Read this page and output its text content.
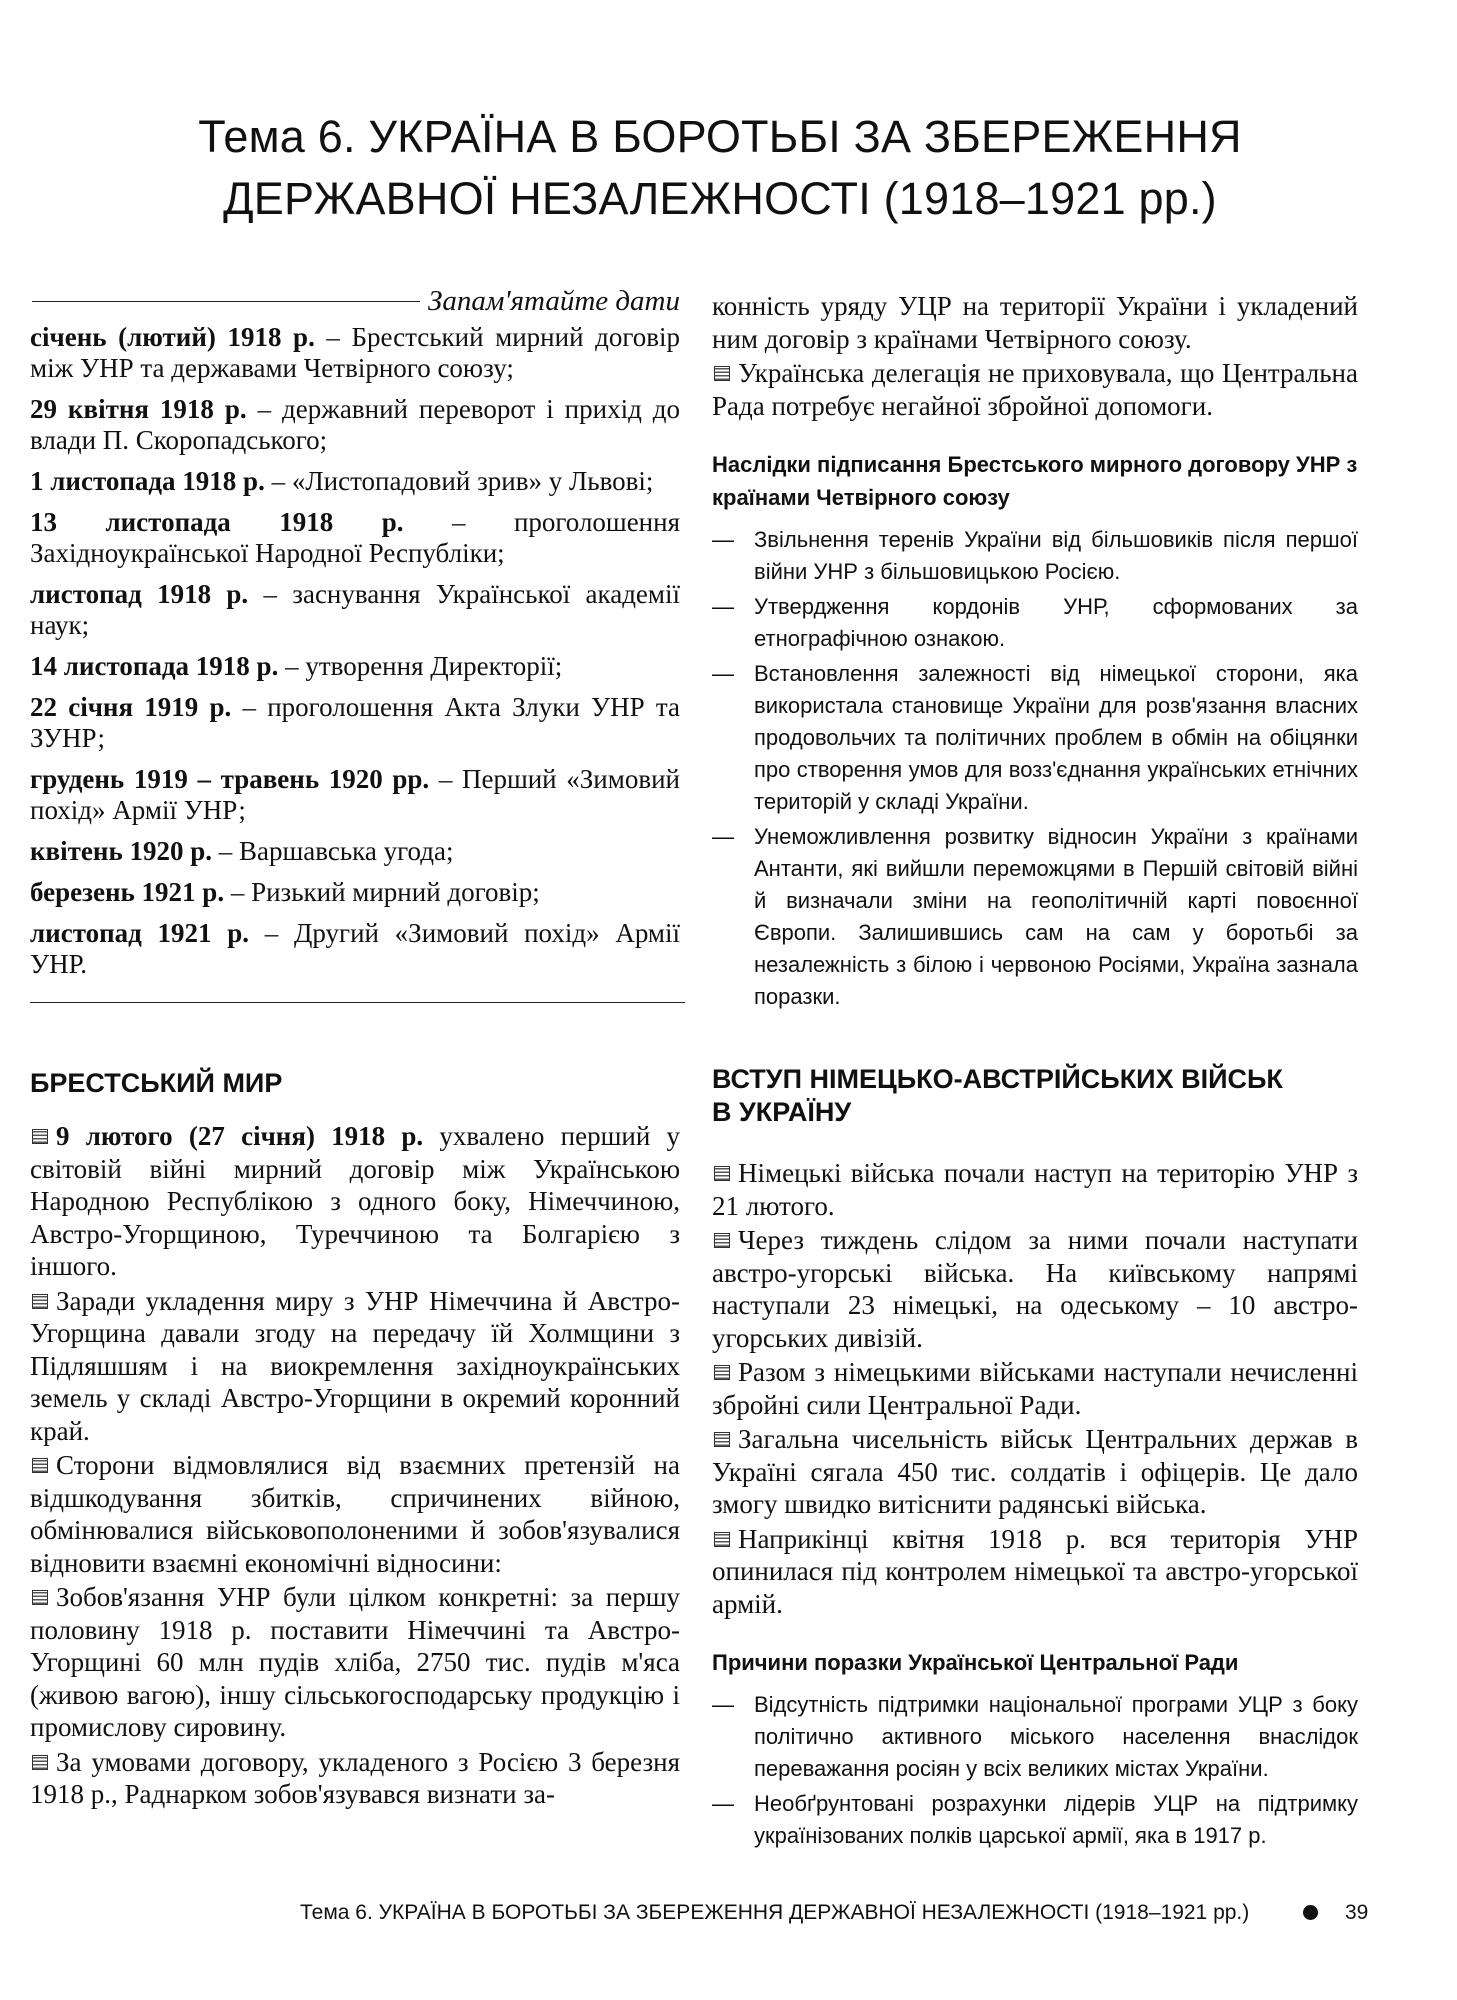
Тема 6. УКРАЇНА В БОРОТЬБІ ЗА ЗБЕРЕЖЕННЯ
ДЕРЖАВНОЇ НЕЗАЛЕЖНОСТІ (1918–1921 рр.)
Запам'ятайте дати

січень (лютий) 1918 р. – Брестський мирний договір між УНР та державами Четвірного союзу;

29 квітня 1918 р. – державний переворот і прихід до влади П. Скоропадського;

1 листопада 1918 р. – «Листопадовий зрив» у Львові;

13 листопада 1918 р. – проголошення Західноукраїнської Народної Республіки;

листопад 1918 р. – заснування Української академії наук;

14 листопада 1918 р. – утворення Директорії;

22 січня 1919 р. – проголошення Акта Злуки УНР та ЗУНР;

грудень 1919 – травень 1920 рр. – Перший «Зимовий похід» Армії УНР;

квітень 1920 р. – Варшавська угода;

березень 1921 р. – Ризький мирний договір;

листопад 1921 р. – Другий «Зимовий похід» Армії УНР.

БРЕСТСЬКИЙ МИР

9 лютого (27 січня) 1918 р. ухвалено перший у світовій війні мирний договір між Українською Народною Республікою з одного боку, Німеччиною, Австро-Угорщиною, Туреччиною та Болгарією з іншого.

Заради укладення миру з УНР Німеччина й Австро-Угорщина давали згоду на передачу їй Холмщини з Підляшшям і на виокремлення західноукраїнських земель у складі Австро-Угорщини в окремий коронний край.

Сторони відмовлялися від взаємних претензій на відшкодування збитків, спричинених війною, обмінювалися військовополоненими й зобов'язувалися відновити взаємні економічні відносини:

Зобов'язання УНР були цілком конкретні: за першу половину 1918 р. поставити Німеччині та Австро-Угорщині 60 млн пудів хліба, 2750 тис. пудів м'яса (живою вагою), іншу сільськогосподарську продукцію і промислову сировину.

За умовами договору, укладеного з Росією 3 березня 1918 р., Раднарком зобов'язувався визнати за-

конність уряду УЦР на території України і укладений ним договір з країнами Четвірного союзу.

Українська делегація не приховувала, що Центральна Рада потребує негайної збройної допомоги.

Наслідки підписання Брестського мирного договору УНР з країнами Четвірного союзу

— Звільнення теренів України від більшовиків після першої війни УНР з більшовицькою Росією.

— Утвердження кордонів УНР, сформованих за етнографічною ознакою.

— Встановлення залежності від німецької сторони, яка використала становище України для розв'язання власних продовольчих та політичних проблем в обмін на обіцянки про створення умов для возз'єднання українських етнічних територій у складі України.

— Унеможливлення розвитку відносин України з країнами Антанти, які вийшли переможцями в Першій світовій війні й визначали зміни на геополітичній карті повоєнної Європи. Залишившись сам на сам у боротьбі за незалежність з білою і червоною Росіями, Україна зазнала поразки.

ВСТУП НІМЕЦЬКО-АВСТРІЙСЬКИХ ВІЙСЬК
В УКРАЇНУ

Німецькі війська почали наступ на територію УНР з 21 лютого.

Через тиждень слідом за ними почали наступати австро-угорські війська. На київському напрямі наступали 23 німецькі, на одеському – 10 австро-угорських дивізій.

Разом з німецькими військами наступали нечисленні збройні сили Центральної Ради.

Загальна чисельність військ Центральних держав в Україні сягала 450 тис. солдатів і офіцерів. Це дало змогу швидко витіснити радянські війська.

Наприкінці квітня 1918 р. вся територія УНР опинилася під контролем німецької та австро-угорської армій.

Причини поразки Української Центральної Ради

— Відсутність підтримки національної програми УЦР з боку політично активного міського населення внаслідок переважання росіян у всіх великих містах України.

— Необґрунтовані розрахунки лідерів УЦР на підтримку українізованих полків царської армії, яка в 1917 р.

Тема 6. УКРАЇНА В БОРОТЬБІ ЗА ЗБЕРЕЖЕННЯ ДЕРЖАВНОЇ НЕЗАЛЕЖНОСТІ (1918–1921 рр.)	39
